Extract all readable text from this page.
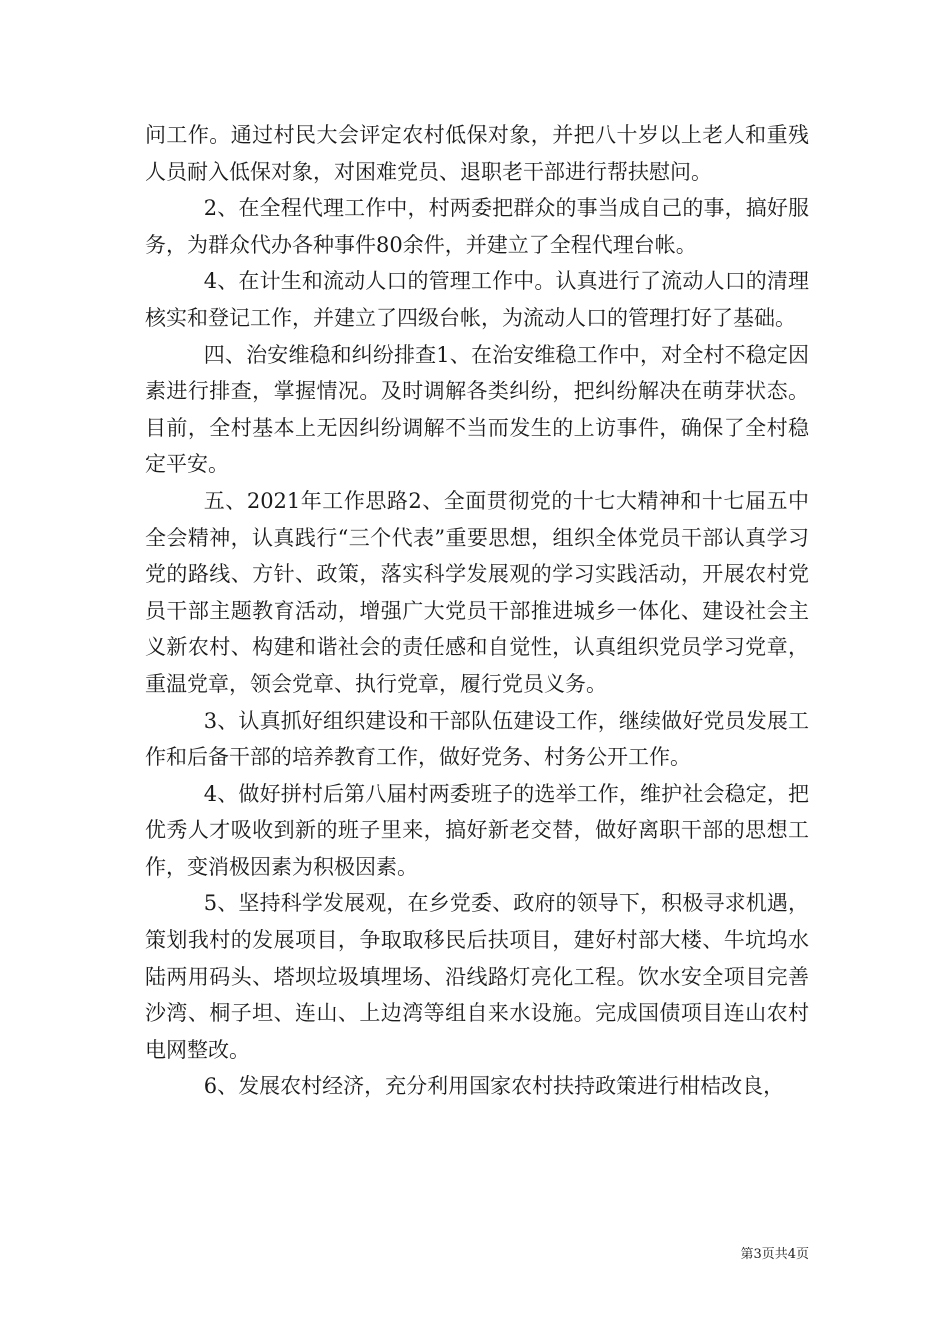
问工作。通过村民大会评定农村低保对象，并把八十岁以上老人和重残人员耐入低保对象，对困难党员、退职老干部进行帮扶慰问。

2、在全程代理工作中，村两委把群众的事当成自己的事，搞好服务，为群众代办各种事件80余件，并建立了全程代理台帐。

4、在计生和流动人口的管理工作中。认真进行了流动人口的清理核实和登记工作，并建立了四级台帐，为流动人口的管理打好了基础。

四、治安维稳和纠纷排查1、在治安维稳工作中，对全村不稳定因素进行排查，掌握情况。及时调解各类纠纷，把纠纷解决在萌芽状态。目前，全村基本上无因纠纷调解不当而发生的上访事件，确保了全村稳定平安。

五、2021年工作思路2、全面贯彻党的十七大精神和十七届五中全会精神，认真践行“三个代表”重要思想，组织全体党员干部认真学习党的路线、方针、政策，落实科学发展观的学习实践活动，开展农村党员干部主题教育活动，增强广大党员干部推进城乡一体化、建设社会主义新农村、构建和谐社会的责任感和自觉性，认真组织党员学习党章，重温党章，领会党章、执行党章，履行党员义务。

3、认真抓好组织建设和干部队伍建设工作，继续做好党员发展工作和后备干部的培养教育工作，做好党务、村务公开工作。

4、做好拼村后第八届村两委班子的选举工作，维护社会稳定，把优秀人才吸收到新的班子里来，搞好新老交替，做好离职干部的思想工作，变消极因素为积极因素。

5、坚持科学发展观，在乡党委、政府的领导下，积极寻求机遇，策划我村的发展项目，争取取移民后扶项目，建好村部大楼、牛坑坞水陆两用码头、塔坝垃圾填埋场、沿线路灯亮化工程。饮水安全项目完善沙湾、桐子坦、连山、上边湾等组自来水设施。完成国债项目连山农村电网整改。

6、发展农村经济，充分利用国家农村扶持政策进行柑桔改良，

第3页共4页
